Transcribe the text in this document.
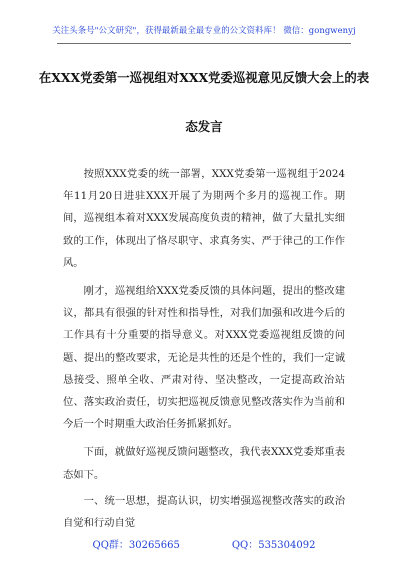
关注头条号"公文研究"，获得最新最全最专业的公文资料库！ 微信：gongwenyj
在XXX党委第一巡视组对XXX党委巡视意见反馈大会上的表
态发言

按照XXX党委的统一部署，XXX党委第一巡视组于2024年11月20日进驻XXX开展了为期两个多月的巡视工作。期间，巡视组本着对XXX发展高度负责的精神，做了大量扎实细致的工作，体现出了恪尽职守、求真务实、严于律己的工作作风。

刚才，巡视组给XXX党委反馈的具体问题，提出的整改建议，都具有很强的针对性和指导性，对我们加强和改进今后的工作具有十分重要的指导意义。对XXX党委巡视组反馈的问题、提出的整改要求，无论是共性的还是个性的，我们一定诚恳接受、照单全收、严肃对待、坚决整改，一定提高政治站位、落实政治责任，切实把巡视反馈意见整改落实作为当前和今后一个时期重大政治任务抓紧抓好。

下面，就做好巡视反馈问题整改，我代表XXX党委郑重表态如下。

一、统一思想，提高认识，切实增强巡视整改落实的政治自觉和行动自觉

QQ群：30265665	QQ：535304092
